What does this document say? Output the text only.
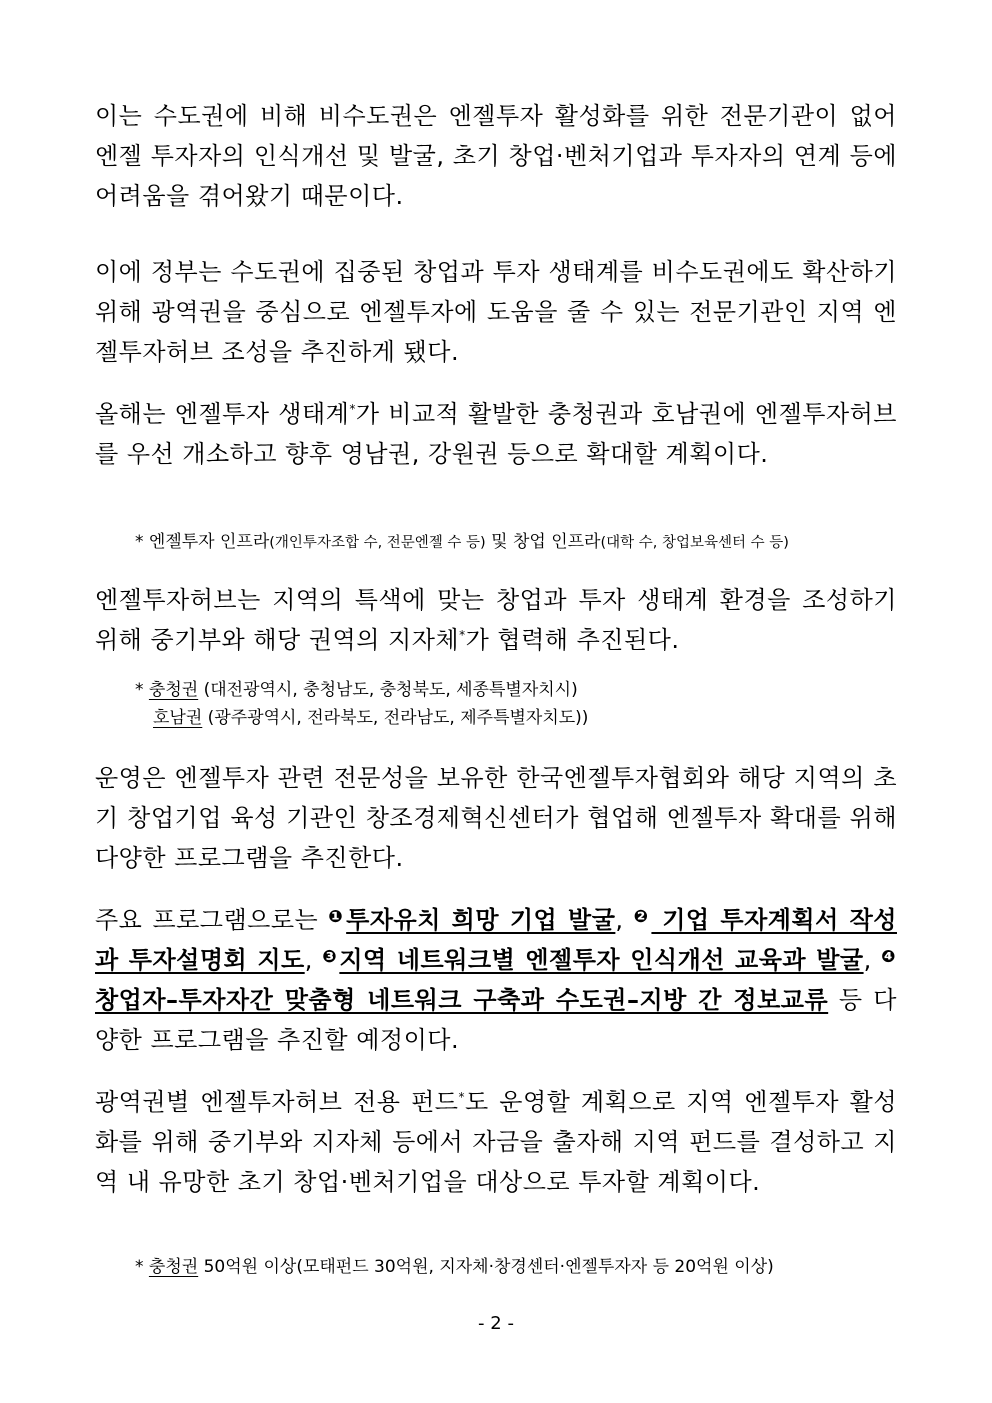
이는 수도권에 비해 비수도권은 엔젤투자 활성화를 위한 전문기관이 없어 엔젤 투자자의 인식개선 및 발굴, 초기 창업·벤처기업과 투자자의 연계 등에 어려움을 겪어왔기 때문이다.

이에 정부는 수도권에 집중된 창업과 투자 생태계를 비수도권에도 확산하기 위해 광역권을 중심으로 엔젤투자에 도움을 줄 수 있는 전문기관인 지역 엔젤투자허브 조성을 추진하게 됐다.

올해는 엔젤투자 생태계*가 비교적 활발한 충청권과 호남권에 엔젤투자허브를 우선 개소하고 향후 영남권, 강원권 등으로 확대할 계획이다.

* 엔젤투자 인프라(개인투자조합 수, 전문엔젤 수 등) 및 창업 인프라(대학 수, 창업보육센터 수 등)

엔젤투자허브는 지역의 특색에 맞는 창업과 투자 생태계 환경을 조성하기 위해 중기부와 해당 권역의 지자체*가 협력해 추진된다.

* 충청권 (대전광역시, 충청남도, 충청북도, 세종특별자치시)
호남권 (광주광역시, 전라북도, 전라남도, 제주특별자치도))

운영은 엔젤투자 관련 전문성을 보유한 한국엔젤투자협회와 해당 지역의 초기 창업기업 육성 기관인 창조경제혁신센터가 협업해 엔젤투자 확대를 위해 다양한 프로그램을 추진한다.

주요 프로그램으로는 $^❶$투자유치 희망 기업 발굴, $^❷$ 기업 투자계획서 작성과 투자설명회 지도, $^❸$지역 네트워크별 엔젤투자 인식개선 교육과 발굴, $^❹$창업자–투자자간 맞춤형 네트워크 구축과 수도권–지방 간 정보교류 등 다양한 프로그램을 추진할 예정이다.

광역권별 엔젤투자허브 전용 펀드*도 운영할 계획으로 지역 엔젤투자 활성화를 위해 중기부와 지자체 등에서 자금을 출자해 지역 펀드를 결성하고 지역 내 유망한 초기 창업·벤처기업을 대상으로 투자할 계획이다.

* 충청권 50억원 이상(모태펀드 30억원, 지자체·창경센터·엔젤투자자 등 20억원 이상)
- 2 -
